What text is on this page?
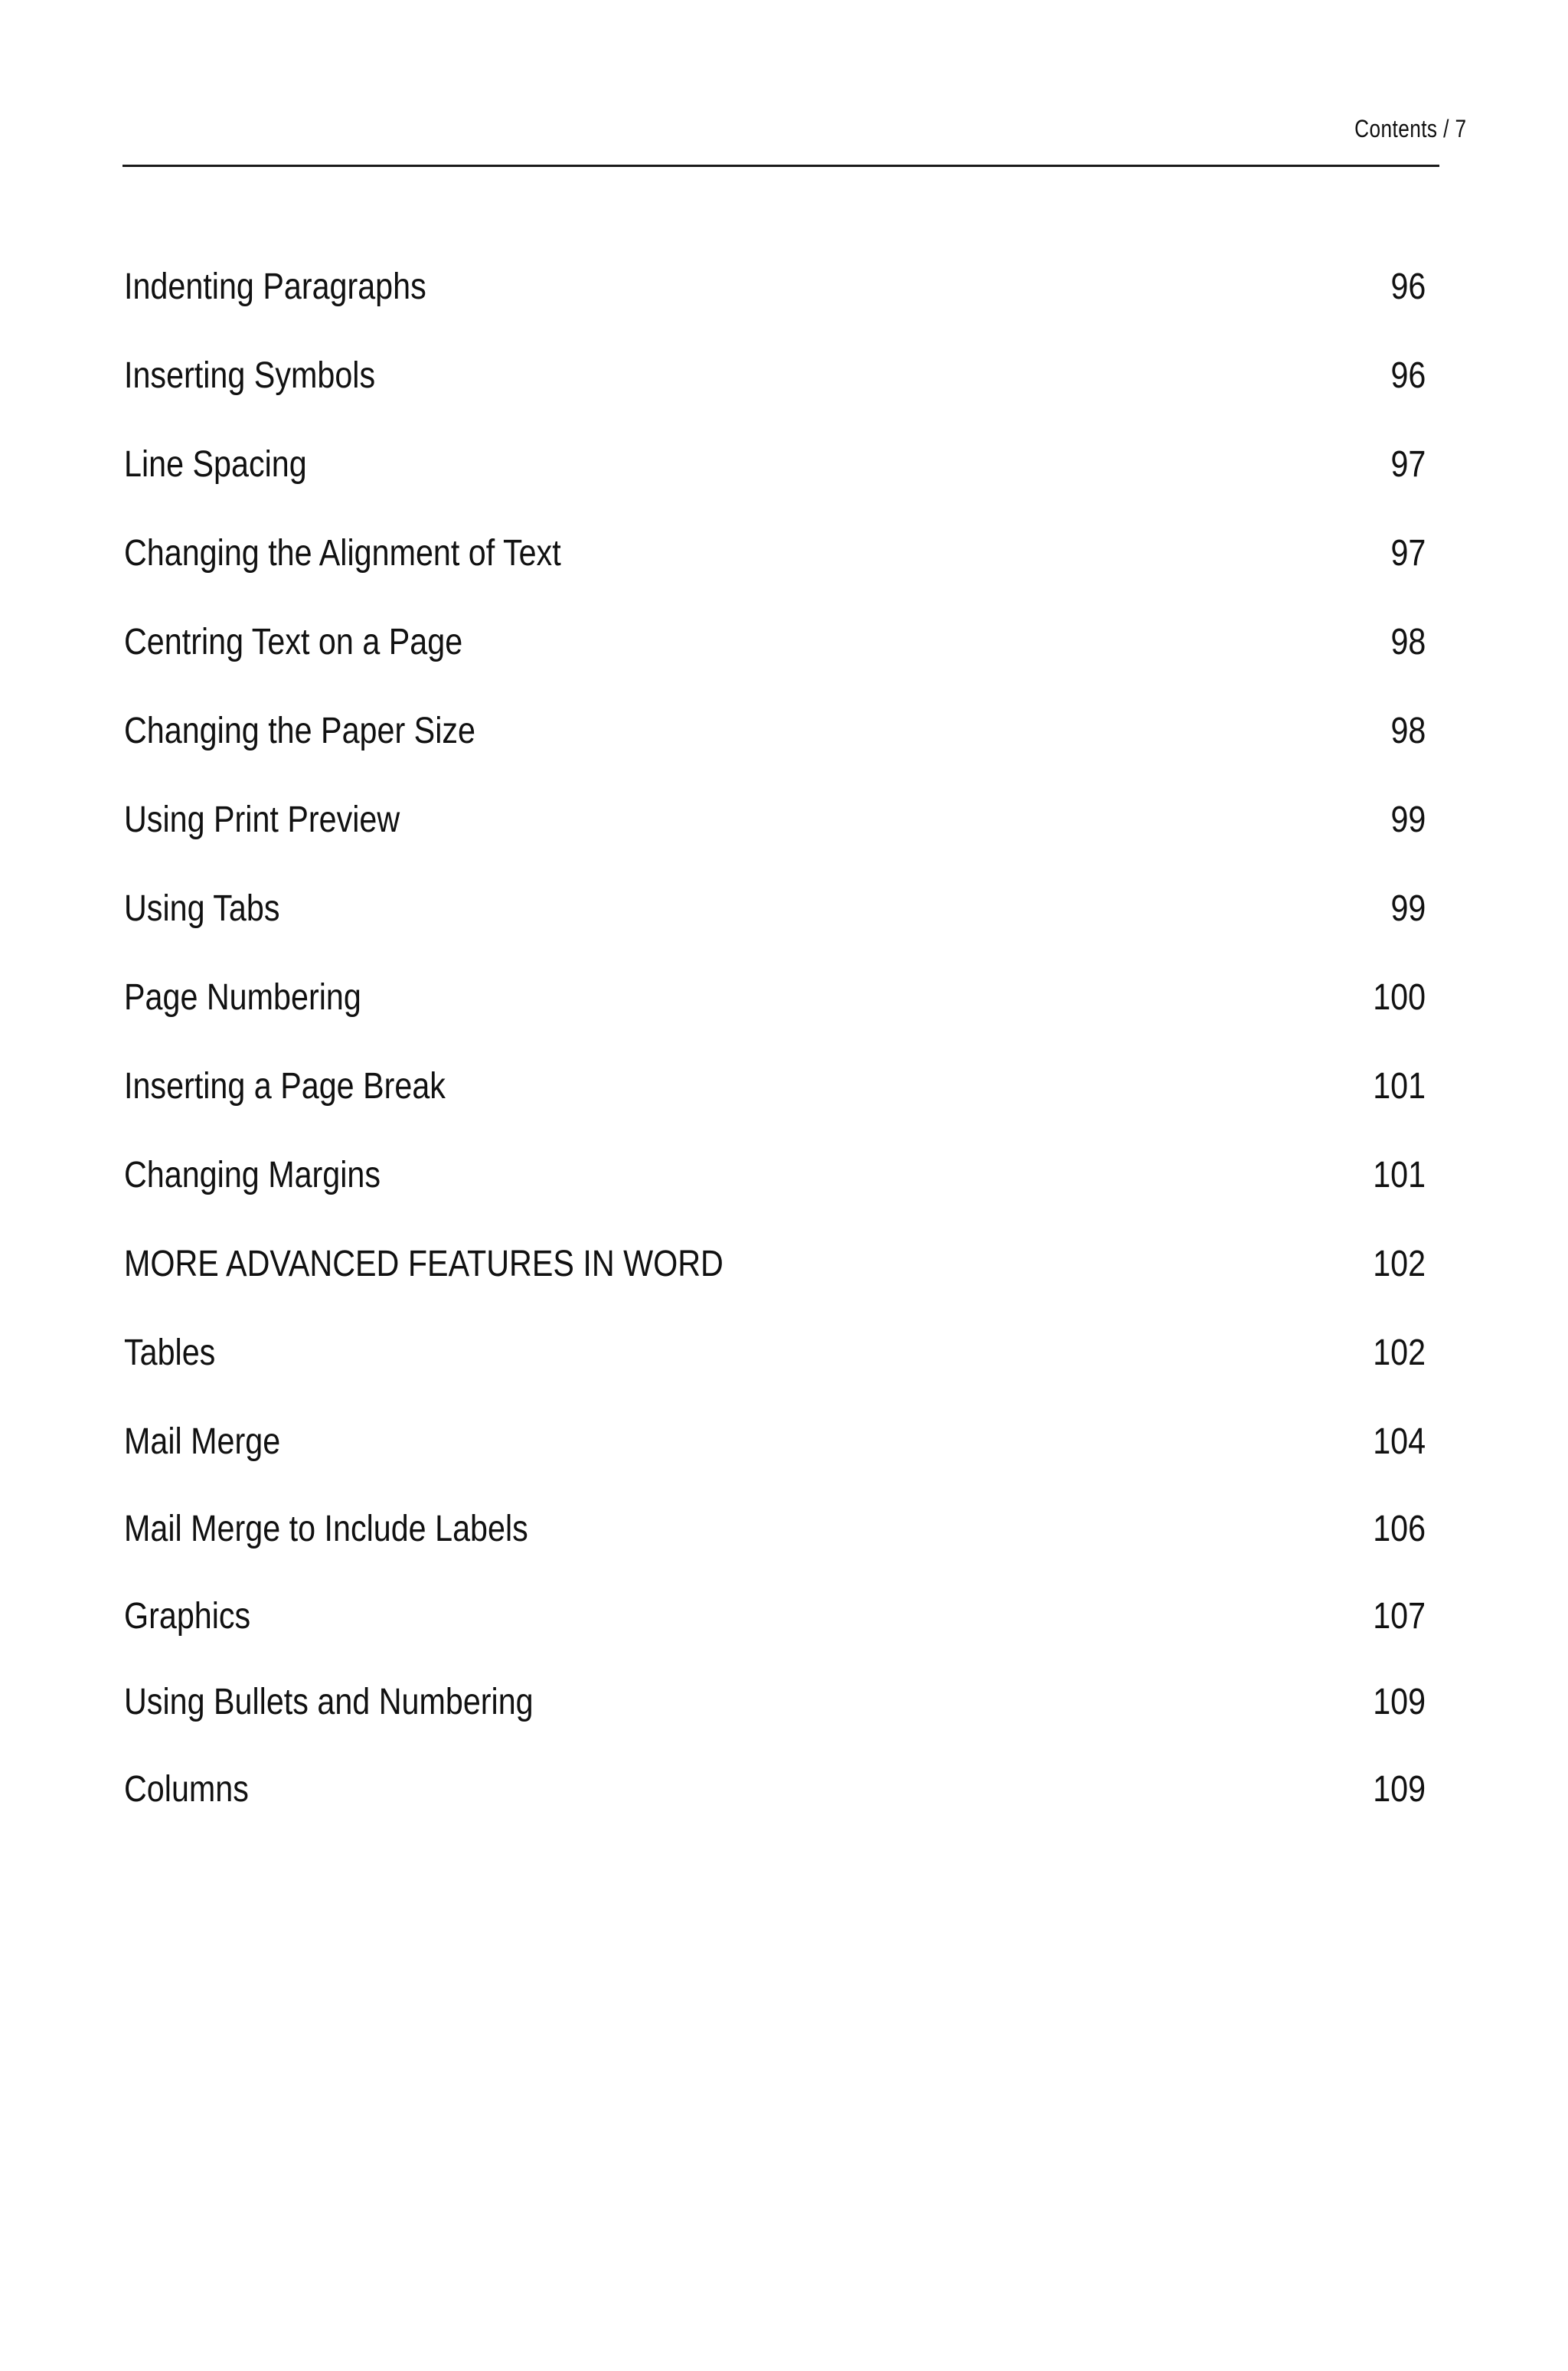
Contents / 7
Indenting Paragraphs	96
Inserting Symbols	96
Line Spacing	97
Changing the Alignment of Text	97
Centring Text on a Page	98
Changing the Paper Size	98
Using Print Preview	99
Using Tabs	99
Page Numbering	100
Inserting a Page Break	101
Changing Margins	101
MORE ADVANCED FEATURES IN WORD	102
Tables	102
Mail Merge	104
Mail Merge to Include Labels	106
Graphics	107
Using Bullets and Numbering	109
Columns	109
